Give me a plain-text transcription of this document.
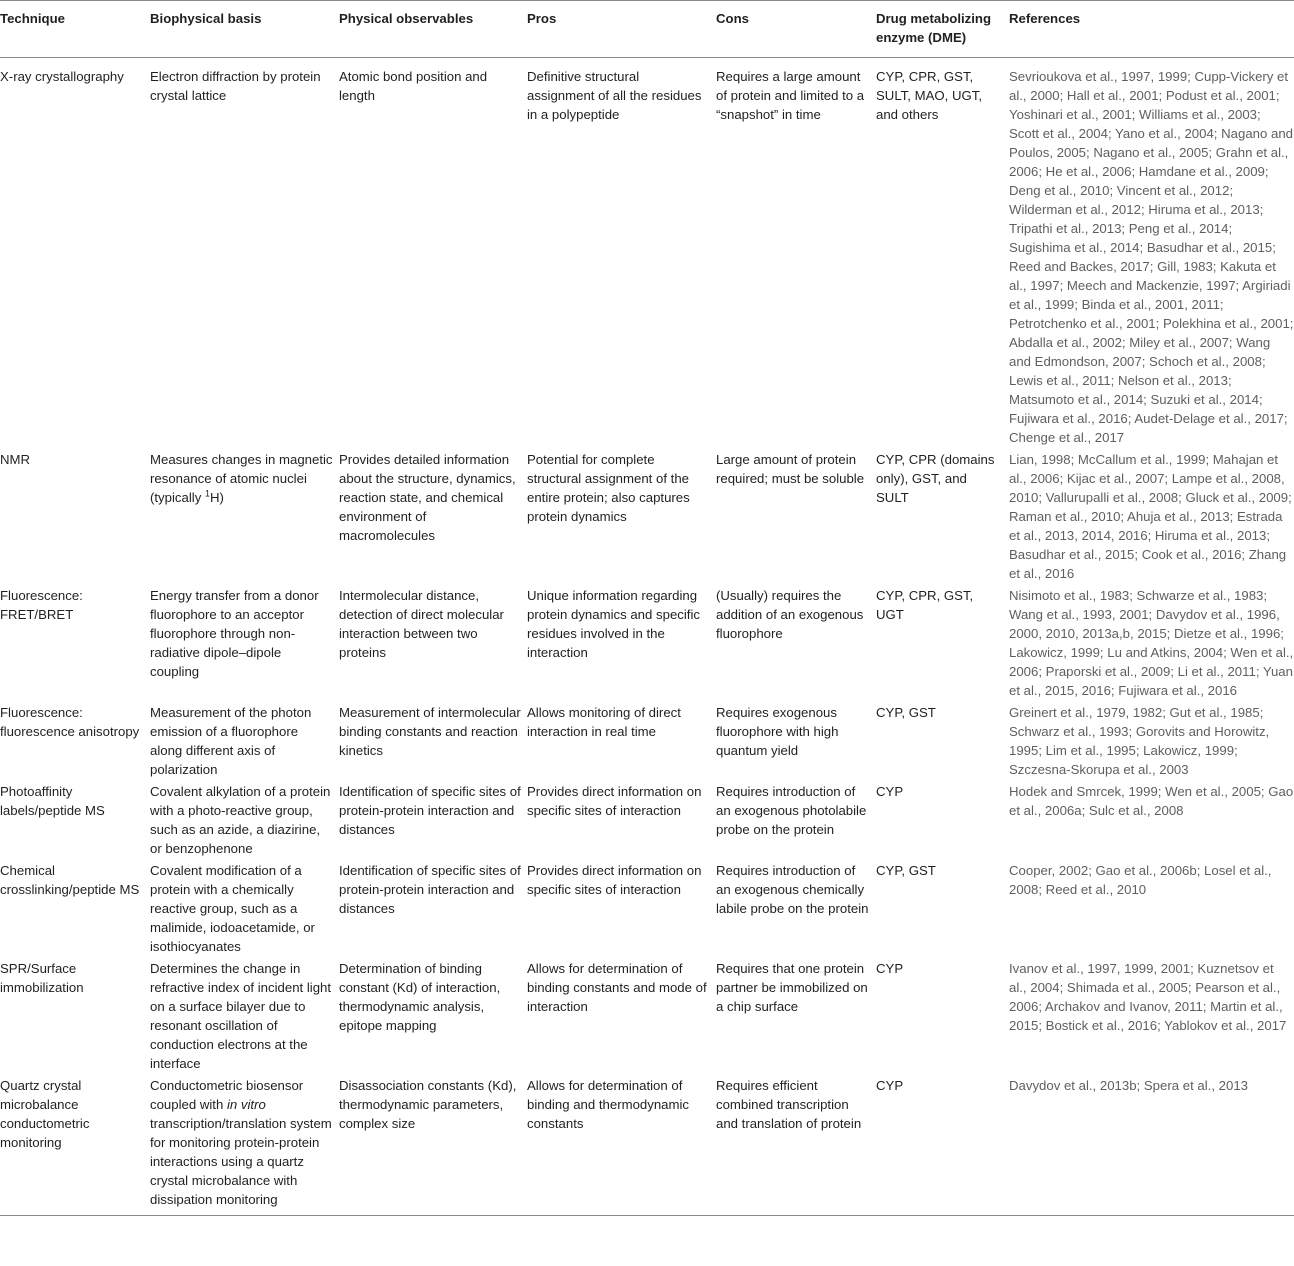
Technique	Biophysical basis	Physical observables	Pros	Cons	Drug metabolizing enzyme (DME)	References
X-ray crystallography	Electron diffraction by protein crystal lattice	Atomic bond position and length	Definitive structural assignment of all the residues in a polypeptide	Requires a large amount of protein and limited to a “snapshot” in time	CYP, CPR, GST, SULT, MAO, UGT, and others	Sevrioukova et al., 1997, 1999; Cupp-Vickery et al., 2000; Hall et al., 2001; Podust et al., 2001; Yoshinari et al., 2001; Williams et al., 2003; Scott et al., 2004; Yano et al., 2004; Nagano and Poulos, 2005; Nagano et al., 2005; Grahn et al., 2006; He et al., 2006; Hamdane et al., 2009; Deng et al., 2010; Vincent et al., 2012; Wilderman et al., 2012; Hiruma et al., 2013; Tripathi et al., 2013; Peng et al., 2014; Sugishima et al., 2014; Basudhar et al., 2015; Reed and Backes, 2017; Gill, 1983; Kakuta et al., 1997; Meech and Mackenzie, 1997; Argiriadi et al., 1999; Binda et al., 2001, 2011; Petrotchenko et al., 2001; Polekhina et al., 2001; Abdalla et al., 2002; Miley et al., 2007; Wang and Edmondson, 2007; Schoch et al., 2008; Lewis et al., 2011; Nelson et al., 2013; Matsumoto et al., 2014; Suzuki et al., 2014; Fujiwara et al., 2016; Audet-Delage et al., 2017; Chenge et al., 2017
NMR	Measures changes in magnetic resonance of atomic nuclei (typically $^1$H)	Provides detailed information about the structure, dynamics, reaction state, and chemical environment of macromolecules	Potential for complete structural assignment of the entire protein; also captures protein dynamics	Large amount of protein required; must be soluble	CYP, CPR (domains only), GST, and SULT	Lian, 1998; McCallum et al., 1999; Mahajan et al., 2006; Kijac et al., 2007; Lampe et al., 2008, 2010; Vallurupalli et al., 2008; Gluck et al., 2009; Raman et al., 2010; Ahuja et al., 2013; Estrada et al., 2013, 2014, 2016; Hiruma et al., 2013; Basudhar et al., 2015; Cook et al., 2016; Zhang et al., 2016
Fluorescence: FRET/BRET	Energy transfer from a donor fluorophore to an acceptor fluorophore through non-radiative dipole–dipole coupling	Intermolecular distance, detection of direct molecular interaction between two proteins	Unique information regarding protein dynamics and specific residues involved in the interaction	(Usually) requires the addition of an exogenous fluorophore	CYP, CPR, GST, UGT	Nisimoto et al., 1983; Schwarze et al., 1983; Wang et al., 1993, 2001; Davydov et al., 1996, 2000, 2010, 2013a,b, 2015; Dietze et al., 1996; Lakowicz, 1999; Lu and Atkins, 2004; Wen et al., 2006; Praporski et al., 2009; Li et al., 2011; Yuan et al., 2015, 2016; Fujiwara et al., 2016
Fluorescence: fluorescence anisotropy	Measurement of the photon emission of a fluorophore along different axis of polarization	Measurement of intermolecular binding constants and reaction kinetics	Allows monitoring of direct interaction in real time	Requires exogenous fluorophore with high quantum yield	CYP, GST	Greinert et al., 1979, 1982; Gut et al., 1985; Schwarz et al., 1993; Gorovits and Horowitz, 1995; Lim et al., 1995; Lakowicz, 1999; Szczesna-Skorupa et al., 2003
Photoaffinity labels/peptide MS	Covalent alkylation of a protein with a photo-reactive group, such as an azide, a diazirine, or benzophenone	Identification of specific sites of protein-protein interaction and distances	Provides direct information on specific sites of interaction	Requires introduction of an exogenous photolabile probe on the protein	CYP	Hodek and Smrcek, 1999; Wen et al., 2005; Gao et al., 2006a; Sulc et al., 2008
Chemical crosslinking/peptide MS	Covalent modification of a protein with a chemically reactive group, such as a malimide, iodoacetamide, or isothiocyanates	Identification of specific sites of protein-protein interaction and distances	Provides direct information on specific sites of interaction	Requires introduction of an exogenous chemically labile probe on the protein	CYP, GST	Cooper, 2002; Gao et al., 2006b; Losel et al., 2008; Reed et al., 2010
SPR/Surface immobilization	Determines the change in refractive index of incident light on a surface bilayer due to resonant oscillation of conduction electrons at the interface	Determination of binding constant (Kd) of interaction, thermodynamic analysis, epitope mapping	Allows for determination of binding constants and mode of interaction	Requires that one protein partner be immobilized on a chip surface	CYP	Ivanov et al., 1997, 1999, 2001; Kuznetsov et al., 2004; Shimada et al., 2005; Pearson et al., 2006; Archakov and Ivanov, 2011; Martin et al., 2015; Bostick et al., 2016; Yablokov et al., 2017
Quartz crystal microbalance conductometric monitoring	Conductometric biosensor coupled with in vitro transcription/translation system for monitoring protein-protein interactions using a quartz crystal microbalance with dissipation monitoring	Disassociation constants (Kd), thermodynamic parameters, complex size	Allows for determination of binding and thermodynamic constants	Requires efficient combined transcription and translation of protein	CYP	Davydov et al., 2013b; Spera et al., 2013
